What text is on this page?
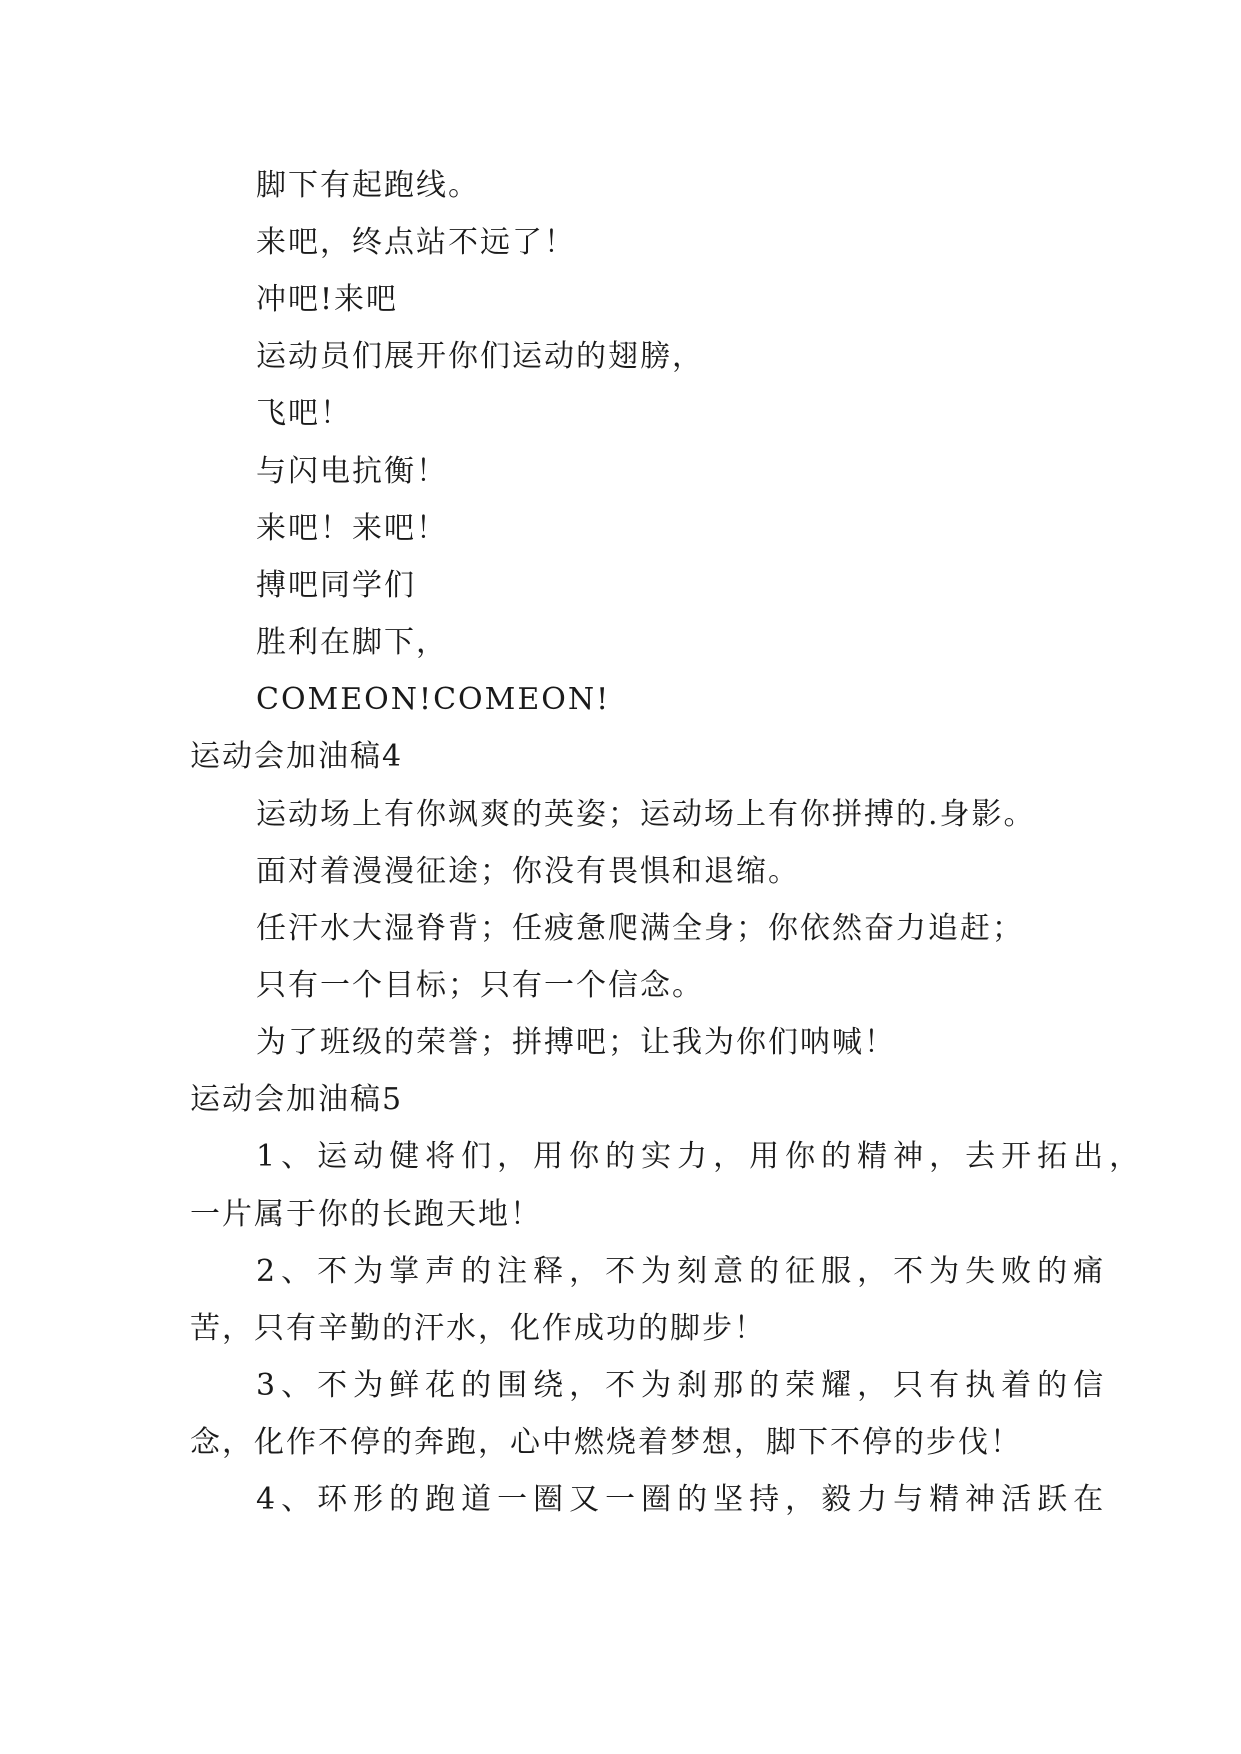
脚下有起跑线。
来吧，终点站不远了！
冲吧!来吧
运动员们展开你们运动的翅膀，
飞吧！
与闪电抗衡！
来吧！来吧！
搏吧同学们
胜利在脚下，
COMEON!COMEON!
运动会加油稿4
运动场上有你飒爽的英姿；运动场上有你拼搏的.身影。
面对着漫漫征途；你没有畏惧和退缩。
任汗水大湿脊背；任疲惫爬满全身；你依然奋力追赶；
只有一个目标；只有一个信念。
为了班级的荣誉；拼搏吧；让我为你们呐喊！
运动会加油稿5
1、运动健将们，用你的实力，用你的精神，去开拓出，
一片属于你的长跑天地！
2、不为掌声的注释，不为刻意的征服，不为失败的痛
苦，只有辛勤的汗水，化作成功的脚步！
3、不为鲜花的围绕，不为刹那的荣耀，只有执着的信
念，化作不停的奔跑，心中燃烧着梦想，脚下不停的步伐！
4、环形的跑道一圈又一圈的坚持，毅力与精神活跃在
